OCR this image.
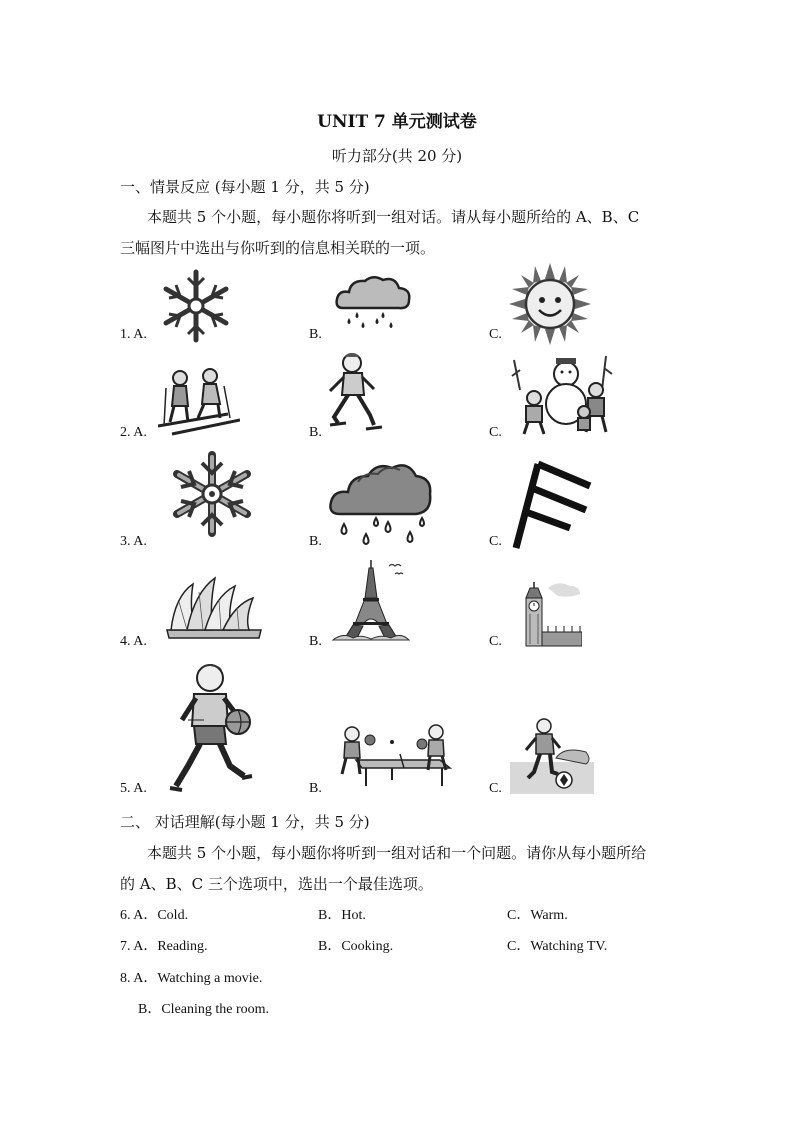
UNIT 7 单元测试卷
听力部分(共 20 分)
一、情景反应 (每小题 1 分，共 5 分)
本题共 5 个小题，每小题你将听到一组对话。请从每小题所给的 A、B、C
三幅图片中选出与你听到的信息相关联的一项。
1. A.	B.	C.
2. A.	B.	C.
3. A.	B.	C.
4. A.	B.	C.
5. A.	B.	C.
二、 对话理解(每小题 1 分，共 5 分)
本题共 5 个小题，每小题你将听到一组对话和一个问题。请你从每小题所给
的 A、B、C 三个选项中，选出一个最佳选项。
6. A．Cold.	B．Hot.	C．Warm.
7. A．Reading.	B．Cooking.	C．Watching TV.
8. A．Watching a movie.
B．Cleaning the room.
